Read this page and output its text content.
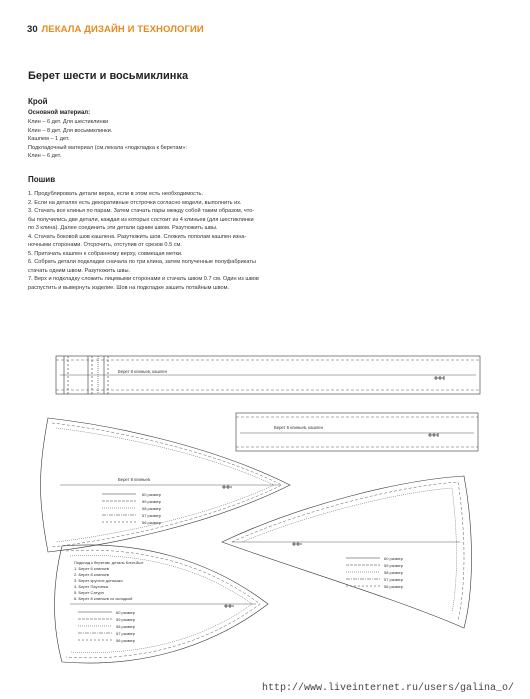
30 ЛЕКАЛА ДИЗАЙН И ТЕХНОЛОГИИ
Берет шести и восьмиклинка
Крой
Основной материал:
Клин – 6 дет. Для шестиклинки
Клин – 8 дет. Для восьмиклинки.
Кашпем – 1 дет.
Подкладочный материал (см.лекала «подкладка к беретам»:
Клин – 6 дет.
Пошив
1. Продублировать детали верха, если в этом есть необходимость.
2. Если на деталях есть декоративные отстрочки согласно модели, выполнить их.
3. Стачать все клинья по парам. Затем стачать пары между собой таким образом, что-
бы получились две детали, каждая из которых состоит из 4 клиньев (для шестиклинки
по 3 клина). Далее соединить эти детали одним швом. Разутюжить швы.
4. Стачать боковой шов кашлена. Разутюжить шов. Сложить пополам кашпен изна-
ночными сторонами. Отсрочить, отступив от срезов 0.5 см.
5. Притачать кашпен к собранному верху, совмещая метки.
6. Собрать детали подкладки сначала по три клина, затем полученные полуфабрикаты
стачать одним швом. Разутюжить швы.
7. Верх и подкладку сложить лицевыми сторонами и стачать швом 0.7 см. Один из швов
распустить и вывернуть изделие. Шов на подкладке зашить потайным швом.
Берет 8 клиньев, кашлен
Берет 8 клиньев, кашлен
Берет 8 клиньев
60 размер
59 размер
58 размер
57 размер
56 размер
60 размер
59 размер
58 размер
57 размер
56 размер
Подклад к беретам: деталь Клин-8шт
1. Берет 6 клиньев
2. Берет 8 клиньев
3. Берет круглое донышко
4. Берет Паутинка
5. Берет Сатурн
6. Берет 8 клиньев со складкой
60 размер
59 размер
58 размер
57 размер
56 размер
http://www.liveinternet.ru/users/galina_o/
